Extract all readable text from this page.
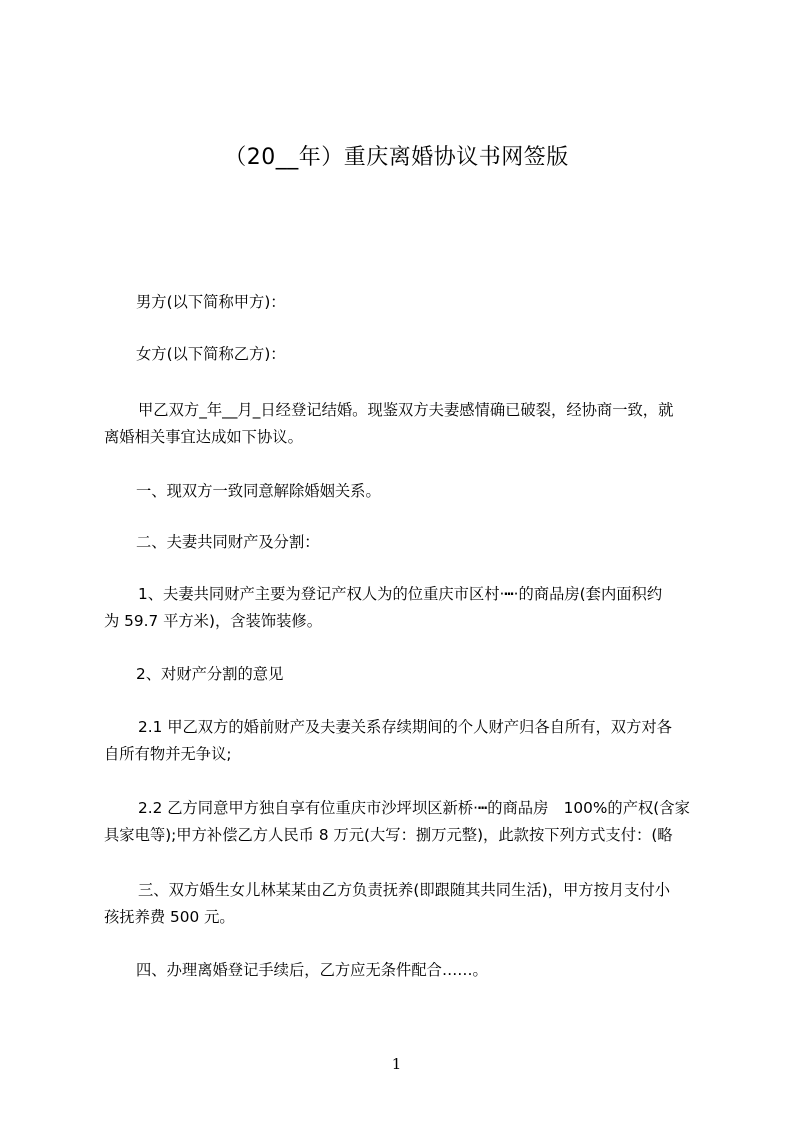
（20__年）重庆离婚协议书网签版
男方(以下简称甲方)：
女方(以下简称乙方)：
甲乙双方_年__月_日经登记结婚。现鉴双方夫妻感情确已破裂，经协商一致，就
离婚相关事宜达成如下协议。
一、现双方一致同意解除婚姻关系。
二、夫妻共同财产及分割：
1、夫妻共同财产主要为登记产权人为的位重庆市区村·┅·的商品房(套内面积约
为 59.7 平方米)，含装饰装修。
2、对财产分割的意见
2.1 甲乙双方的婚前财产及夫妻关系存续期间的个人财产归各自所有，双方对各
自所有物并无争议;
2.2 乙方同意甲方独自享有位重庆市沙坪坝区新桥·┅的商品房　100%的产权(含家
具家电等);甲方补偿乙方人民币 8 万元(大写：捌万元整)，此款按下列方式支付：(略
三、双方婚生女儿林某某由乙方负责抚养(即跟随其共同生活)，甲方按月支付小
孩抚养费 500 元。
四、办理离婚登记手续后，乙方应无条件配合……。
1
